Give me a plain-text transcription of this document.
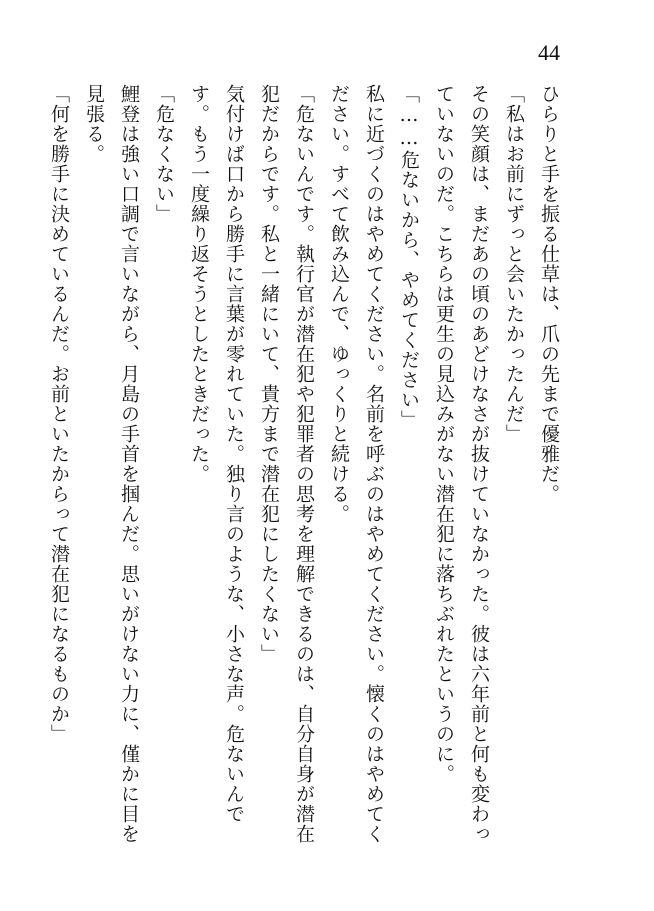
44

ひらりと手を振る仕草は、爪の先まで優雅だ。

「私はお前にずっと会いたかったんだ」

その笑顔は、まだあの頃のあどけなさが抜けていなかった。彼は六年前と何も変わっていないのだ。こちらは更生の見込みがない潜在犯に落ちぶれたというのに。

「……危ないから、やめてください」

私に近づくのはやめてください。名前を呼ぶのはやめてください。懐くのはやめてください。すべて飲み込んで、ゆっくりと続ける。

「危ないんです。執行官が潜在犯や犯罪者の思考を理解できるのは、自分自身が潜在犯だからです。私と一緒にいて、貴方まで潜在犯にしたくない」

気付けば口から勝手に言葉が零れていた。独り言のような、小さな声。危ないんです。もう一度繰り返そうとしたときだった。

「危なくない」

鯉登は強い口調で言いながら、月島の手首を掴んだ。思いがけない力に、僅かに目を見張る。

「何を勝手に決めているんだ。お前といたからって潜在犯になるものか」
